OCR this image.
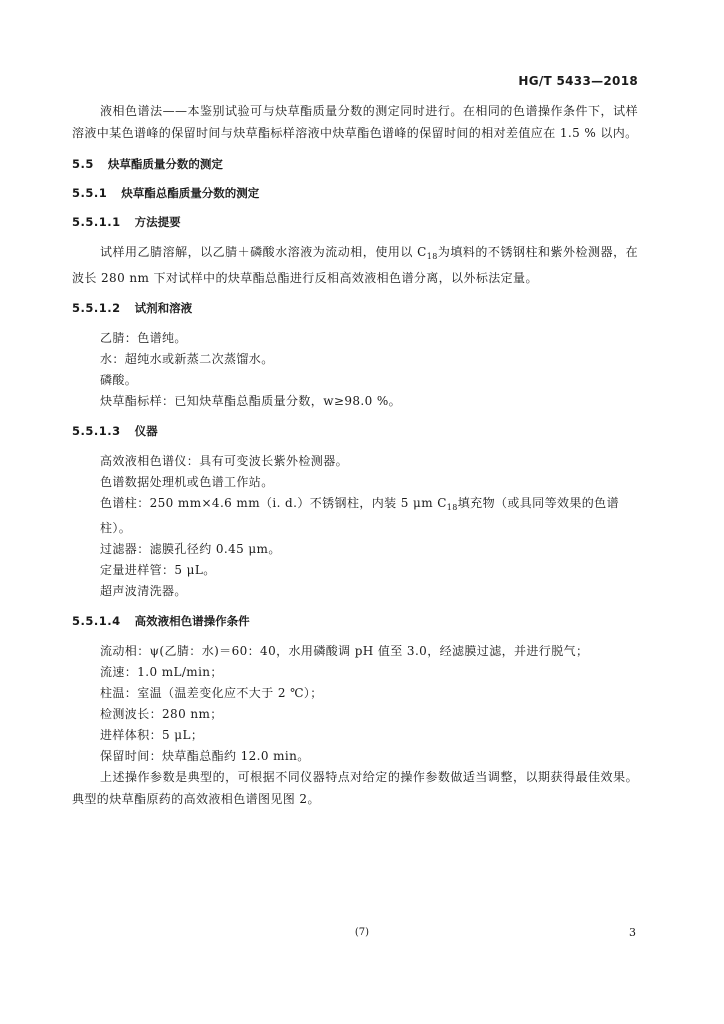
HG/T 5433—2018

液相色谱法——本鉴别试验可与炔草酯质量分数的测定同时进行。在相同的色谱操作条件下，试样溶液中某色谱峰的保留时间与炔草酯标样溶液中炔草酯色谱峰的保留时间的相对差值应在 1.5 % 以内。

5.5 炔草酯质量分数的测定
5.5.1 炔草酯总酯质量分数的测定
5.5.1.1 方法提要

试样用乙腈溶解，以乙腈＋磷酸水溶液为流动相，使用以 $C_{18}$为填料的不锈钢柱和紫外检测器，在波长 280 nm 下对试样中的炔草酯总酯进行反相高效液相色谱分离，以外标法定量。

5.5.1.2 试剂和溶液
乙腈：色谱纯。
水：超纯水或新蒸二次蒸馏水。
磷酸。
炔草酯标样：已知炔草酯总酯质量分数，w≥98.0 %。
5.5.1.3 仪器
高效液相色谱仪：具有可变波长紫外检测器。
色谱数据处理机或色谱工作站。
色谱柱：250 mm×4.6 mm（i. d.）不锈钢柱，内装 5 μm $C_{18}$填充物（或具同等效果的色谱柱）。
过滤器：滤膜孔径约 0.45 μm。
定量进样管：5 μL。
超声波清洗器。
5.5.1.4 高效液相色谱操作条件
流动相：ψ(乙腈：水)＝60：40，水用磷酸调 pH 值至 3.0，经滤膜过滤，并进行脱气；
流速：1.0 mL/min；
柱温：室温（温差变化应不大于 2 ℃）；
检测波长：280 nm；
进样体积：5 μL；
保留时间：炔草酯总酯约 12.0 min。

上述操作参数是典型的，可根据不同仪器特点对给定的操作参数做适当调整，以期获得最佳效果。典型的炔草酯原药的高效液相色谱图见图 2。

(7)	3
